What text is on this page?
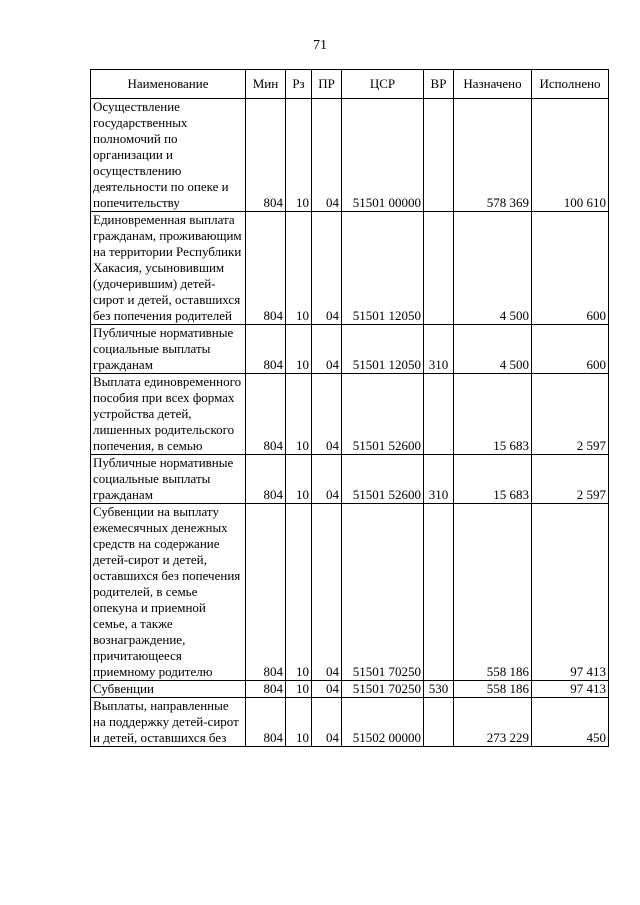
71
Наименование	Мин	Рз	ПР	ЦСР	ВР	Назначено	Исполнено
Осуществление государственных полномочий по организации и осуществлению деятельности по опеке и попечительству	804	10	04	51501 00000		578 369	100 610
Единовременная выплата гражданам, проживающим на территории Республики Хакасия, усыновившим (удочерившим) детей-сирот и детей, оставшихся без попечения родителей	804	10	04	51501 12050		4 500	600
Публичные нормативные социальные выплаты гражданам	804	10	04	51501 12050	310	4 500	600
Выплата единовременного пособия при всех формах устройства детей, лишенных родительского попечения, в семью	804	10	04	51501 52600		15 683	2 597
Публичные нормативные социальные выплаты гражданам	804	10	04	51501 52600	310	15 683	2 597
Субвенции на выплату ежемесячных денежных средств на содержание детей-сирот и детей, оставшихся без попечения родителей, в семье опекуна и приемной семье, а также вознаграждение, причитающееся приемному родителю	804	10	04	51501 70250		558 186	97 413
Субвенции	804	10	04	51501 70250	530	558 186	97 413
Выплаты, направленные на поддержку детей-сирот и детей, оставшихся без	804	10	04	51502 00000		273 229	450
